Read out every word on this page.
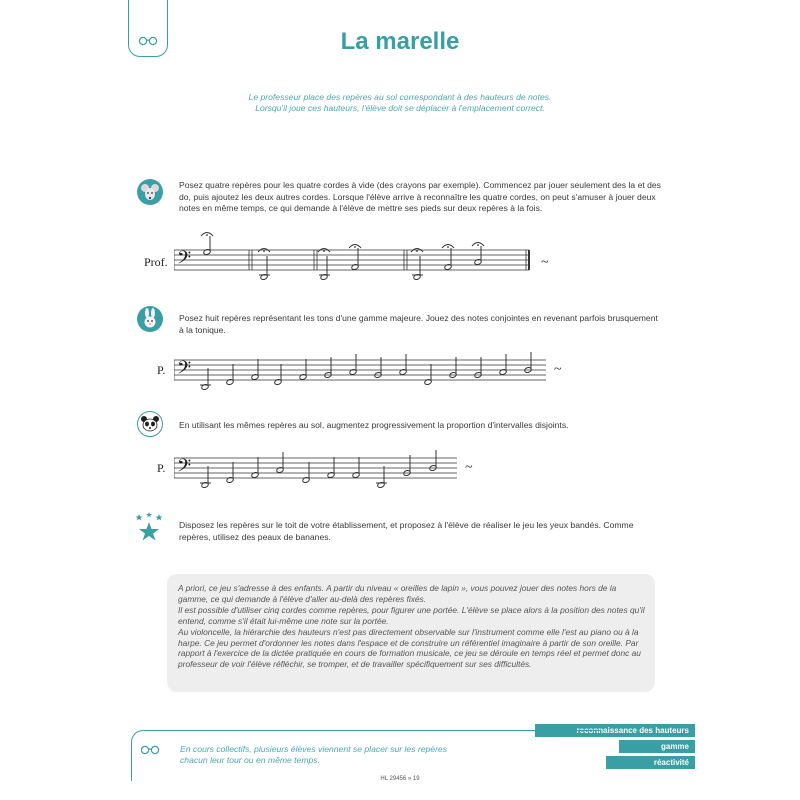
La marelle
Le professeur place des repères au sol correspondant à des hauteurs de notes.
Lorsqu'il joue ces hauteurs, l'élève doit se déplacer à l'emplacement correct.
Posez quatre repères pour les quatre cordes à vide (des crayons par exemple). Commencez par jouer seulement des la et des do, puis ajoutez les deux autres cordes. Lorsque l'élève arrive à reconnaître les quatre cordes, on peut s'amuser à jouer deux notes en même temps, ce qui demande à l'élève de mettre ses pieds sur deux repères à la fois.
Prof. 𝄢	~
Posez huit repères représentant les tons d'une gamme majeure. Jouez des notes conjointes en revenant parfois brusquement à la tonique.
P. 𝄢	~
En utilisant les mêmes repères au sol, augmentez progressivement la proportion d'intervalles disjoints.
P. 𝄢	~
Disposez les repères sur le toit de votre établissement, et proposez à l'élève de réaliser le jeu les yeux bandés. Comme repères, utilisez des peaux de bananes.

A priori, ce jeu s'adresse à des enfants. A partir du niveau « oreilles de lapin », vous pouvez jouer des notes hors de la gamme, ce qui demande à l'élève d'aller au-delà des repères fixés.
Il est possible d'utiliser cinq cordes comme repères, pour figurer une portée. L'élève se place alors à la position des notes qu'il entend, comme s'il était lui-même une note sur la portée.
Au violoncelle, la hiérarchie des hauteurs n'est pas directement observable sur l'instrument comme elle l'est au piano ou à la harpe. Ce jeu permet d'ordonner les notes dans l'espace et de construire un référentiel imaginaire à partir de son oreille. Par rapport à l'exercice de la dictée pratiquée en cours de formation musicale, ce jeu se déroule en temps réel et permet donc au professeur de voir l'élève réfléchir, se tromper, et de travailler spécifiquement sur ses difficultés.

reconnaissance des hauteurs
gamme
réactivité
En cours collectifs, plusieurs élèves viennent se placer sur les repères
chacun leur tour ou en même temps.
HL 29456 » 19
